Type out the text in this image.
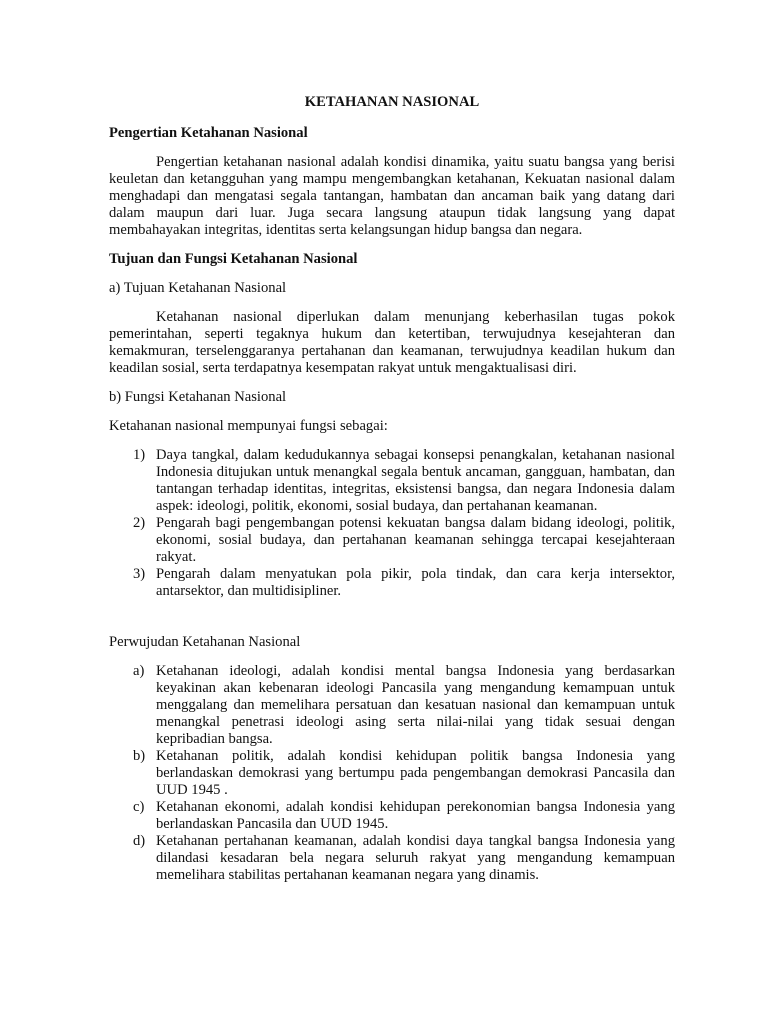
KETAHANAN NASIONAL
Pengertian Ketahanan Nasional

Pengertian ketahanan nasional adalah kondisi dinamika, yaitu suatu bangsa yang berisi keuletan dan ketangguhan yang mampu mengembangkan ketahanan, Kekuatan nasional dalam menghadapi dan mengatasi segala tantangan, hambatan dan ancaman baik yang datang dari dalam maupun dari luar. Juga secara langsung ataupun tidak langsung yang dapat membahayakan integritas, identitas serta kelangsungan hidup bangsa dan negara.

Tujuan dan Fungsi Ketahanan Nasional
a) Tujuan Ketahanan Nasional

Ketahanan nasional diperlukan dalam menunjang keberhasilan tugas pokok pemerintahan, seperti tegaknya hukum dan ketertiban, terwujudnya kesejahteran dan kemakmuran, terselenggaranya pertahanan dan keamanan, terwujudnya keadilan hukum dan keadilan sosial, serta terdapatnya kesempatan rakyat untuk mengaktualisasi diri.

b) Fungsi Ketahanan Nasional

Ketahanan nasional mempunyai fungsi sebagai:

1) Daya tangkal, dalam kedudukannya sebagai konsepsi penangkalan, ketahanan nasional Indonesia ditujukan untuk menangkal segala bentuk ancaman, gangguan, hambatan, dan tantangan terhadap identitas, integritas, eksistensi bangsa, dan negara Indonesia dalam aspek: ideologi, politik, ekonomi, sosial budaya, dan pertahanan keamanan.
2) Pengarah bagi pengembangan potensi kekuatan bangsa dalam bidang ideologi, politik, ekonomi, sosial budaya, dan pertahanan keamanan sehingga tercapai kesejahteraan rakyat.
3) Pengarah dalam menyatukan pola pikir, pola tindak, dan cara kerja intersektor, antarsektor, dan multidisipliner.
Perwujudan Ketahanan Nasional
a) Ketahanan ideologi, adalah kondisi mental bangsa Indonesia yang berdasarkan keyakinan akan kebenaran ideologi Pancasila yang mengandung kemampuan untuk menggalang dan memelihara persatuan dan kesatuan nasional dan kemampuan untuk menangkal penetrasi ideologi asing serta nilai-nilai yang tidak sesuai dengan kepribadian bangsa.
b) Ketahanan politik, adalah kondisi kehidupan politik bangsa Indonesia yang berlandaskan demokrasi yang bertumpu pada pengembangan demokrasi Pancasila dan UUD 1945 .
c) Ketahanan ekonomi, adalah kondisi kehidupan perekonomian bangsa Indonesia yang berlandaskan Pancasila dan UUD 1945.
d) Ketahanan pertahanan keamanan, adalah kondisi daya tangkal bangsa Indonesia yang dilandasi kesadaran bela negara seluruh rakyat yang mengandung kemampuan memelihara stabilitas pertahanan keamanan negara yang dinamis.
